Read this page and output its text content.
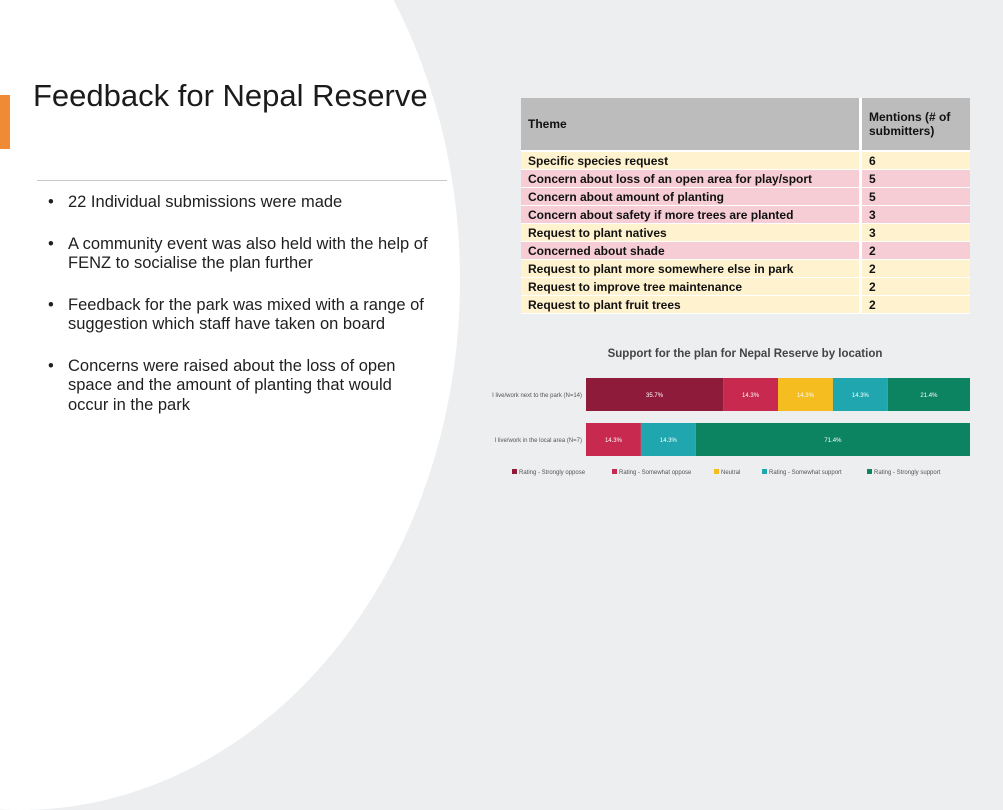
Feedback for Nepal Reserve
• 22 Individual submissions were made
• A community event was also held with the help of FENZ to socialise the plan further
• Feedback for the park was mixed with a range of suggestion which staff have taken on board
• Concerns were raised about the loss of open space and the amount of planting that would occur in the park
Theme	Mentions (# of submitters)
Specific species request	6
Concern about loss of an open area for play/sport	5
Concern about amount of planting	5
Concern about safety if more trees are planted	3
Request to plant natives	3
Concerned about shade	2
Request to plant more somewhere else in park	2
Request to improve tree maintenance	2
Request to plant fruit trees	2
Support for the plan for Nepal Reserve by location
I live/work next to the park (N=14)	35.7%	14.3%	14.3%	14.3%	21.4%
I live/work in the local area (N=7)	14.3%	14.3%	71.4%
Rating - Strongly oppose	Rating - Somewhat oppose	Neutral	Rating - Somewhat support	Rating - Strongly support
